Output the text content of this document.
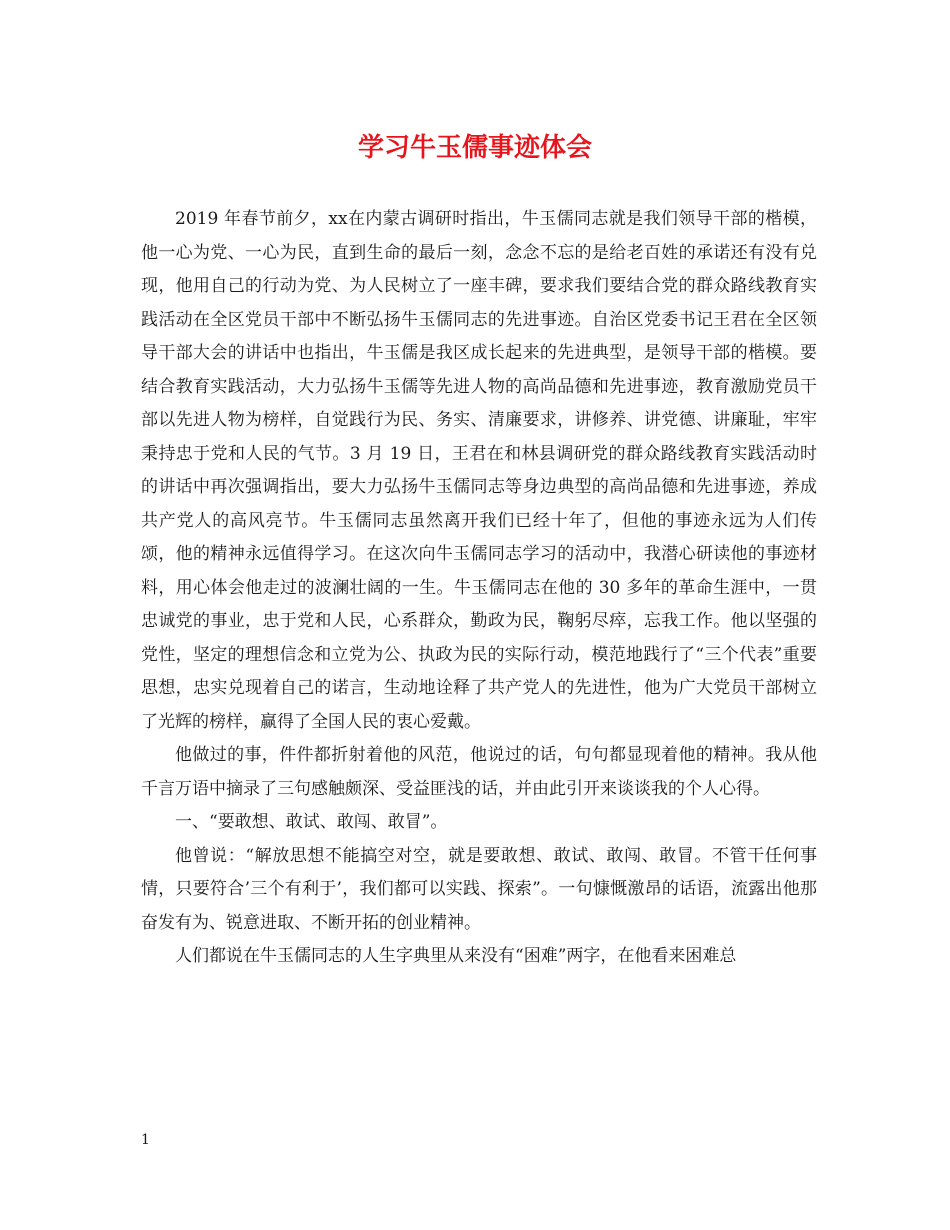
学习牛玉儒事迹体会

2019 年春节前夕，xx在内蒙古调研时指出，牛玉儒同志就是我们领导干部的楷模，他一心为党、一心为民，直到生命的最后一刻，念念不忘的是给老百姓的承诺还有没有兑现，他用自己的行动为党、为人民树立了一座丰碑，要求我们要结合党的群众路线教育实践活动在全区党员干部中不断弘扬牛玉儒同志的先进事迹。自治区党委书记王君在全区领导干部大会的讲话中也指出，牛玉儒是我区成长起来的先进典型，是领导干部的楷模。要结合教育实践活动，大力弘扬牛玉儒等先进人物的高尚品德和先进事迹，教育激励党员干部以先进人物为榜样，自觉践行为民、务实、清廉要求，讲修养、讲党德、讲廉耻，牢牢秉持忠于党和人民的气节。3 月 19 日，王君在和林县调研党的群众路线教育实践活动时的讲话中再次强调指出，要大力弘扬牛玉儒同志等身边典型的高尚品德和先进事迹，养成共产党人的高风亮节。牛玉儒同志虽然离开我们已经十年了，但他的事迹永远为人们传颂，他的精神永远值得学习。在这次向牛玉儒同志学习的活动中，我潜心研读他的事迹材料，用心体会他走过的波澜壮阔的一生。牛玉儒同志在他的 30 多年的革命生涯中，一贯忠诚党的事业，忠于党和人民，心系群众，勤政为民，鞠躬尽瘁，忘我工作。他以坚强的党性，坚定的理想信念和立党为公、执政为民的实际行动，模范地践行了“三个代表”重要思想，忠实兑现着自己的诺言，生动地诠释了共产党人的先进性，他为广大党员干部树立了光辉的榜样，赢得了全国人民的衷心爱戴。

他做过的事，件件都折射着他的风范，他说过的话，句句都显现着他的精神。我从他千言万语中摘录了三句感触颇深、受益匪浅的话，并由此引开来谈谈我的个人心得。

一、“要敢想、敢试、敢闯、敢冒”。

他曾说：“解放思想不能搞空对空，就是要敢想、敢试、敢闯、敢冒。不管干任何事情，只要符合’三个有利于’，我们都可以实践、探索”。一句慷慨激昂的话语，流露出他那奋发有为、锐意进取、不断开拓的创业精神。

人们都说在牛玉儒同志的人生字典里从来没有“困难”两字，在他看来困难总

1
